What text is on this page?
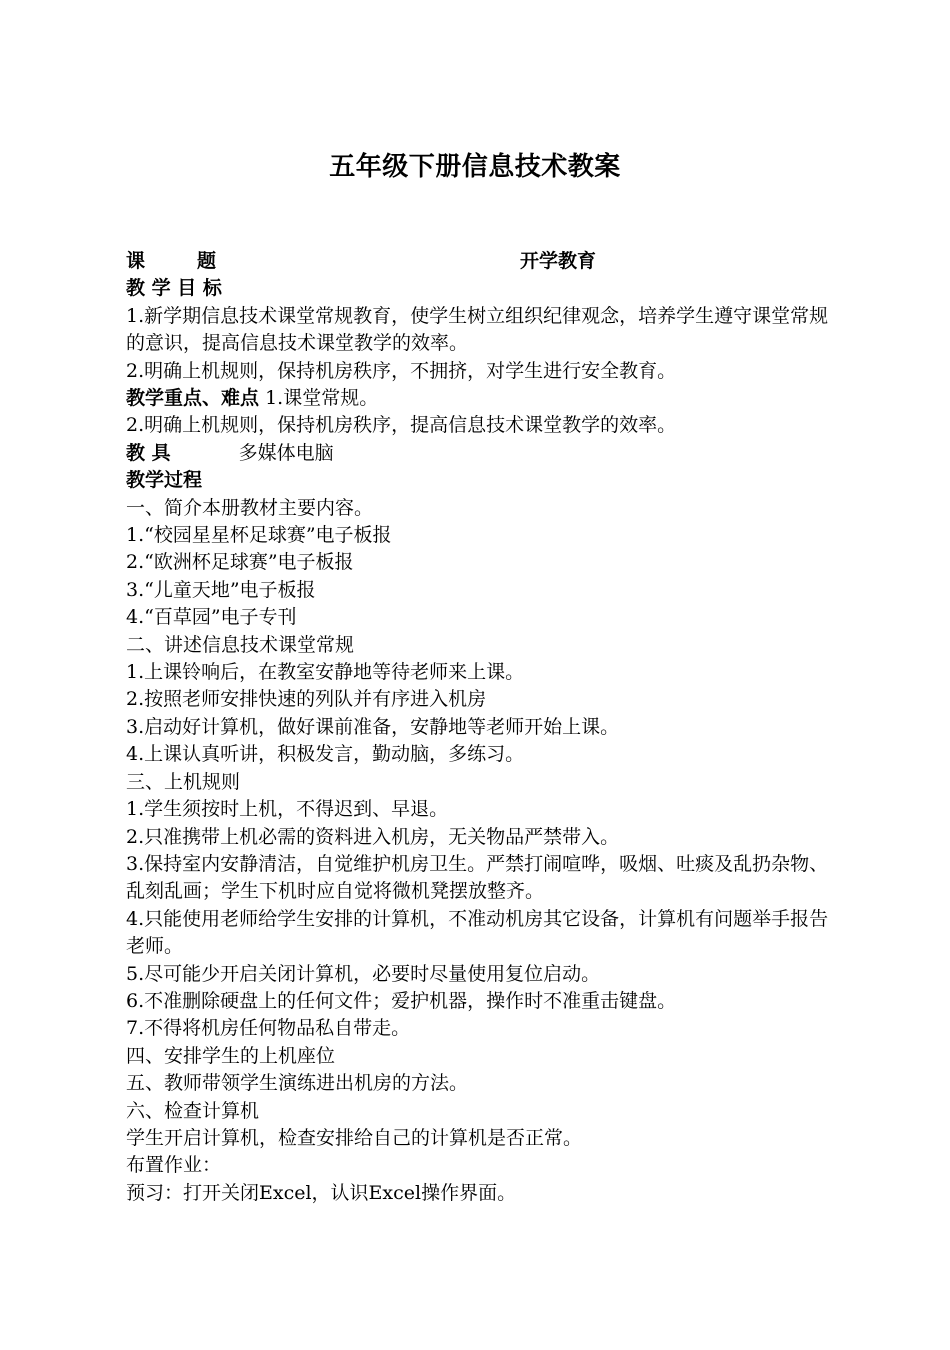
五年级下册信息技术教案
课	题	开学教育
教 学 目 标
1.新学期信息技术课堂常规教育，使学生树立组织纪律观念，培养学生遵守课堂常规的意识，提高信息技术课堂教学的效率。
2.明确上机规则，保持机房秩序，不拥挤，对学生进行安全教育。
教学重点、难点 1.课堂常规。
2.明确上机规则，保持机房秩序，提高信息技术课堂教学的效率。
教 具	多媒体电脑
教学过程
一、简介本册教材主要内容。
1.“校园星星杯足球赛”电子板报
2.“欧洲杯足球赛”电子板报
3.“儿童天地”电子板报
4.“百草园”电子专刊
二、讲述信息技术课堂常规
1.上课铃响后，在教室安静地等待老师来上课。
2.按照老师安排快速的列队并有序进入机房
3.启动好计算机，做好课前准备，安静地等老师开始上课。
4.上课认真听讲，积极发言，勤动脑，多练习。
三、上机规则
1.学生须按时上机，不得迟到、早退。
2.只准携带上机必需的资料进入机房，无关物品严禁带入。
3.保持室内安静清洁，自觉维护机房卫生。严禁打闹喧哗，吸烟、吐痰及乱扔杂物、乱刻乱画；学生下机时应自觉将微机凳摆放整齐。
4.只能使用老师给学生安排的计算机，不准动机房其它设备，计算机有问题举手报告老师。
5.尽可能少开启关闭计算机，必要时尽量使用复位启动。
6.不准删除硬盘上的任何文件；爱护机器，操作时不准重击键盘。
7.不得将机房任何物品私自带走。
四、安排学生的上机座位
五、教师带领学生演练进出机房的方法。
六、检查计算机
学生开启计算机，检查安排给自己的计算机是否正常。
布置作业：
预习：打开关闭Excel，认识Excel操作界面。
